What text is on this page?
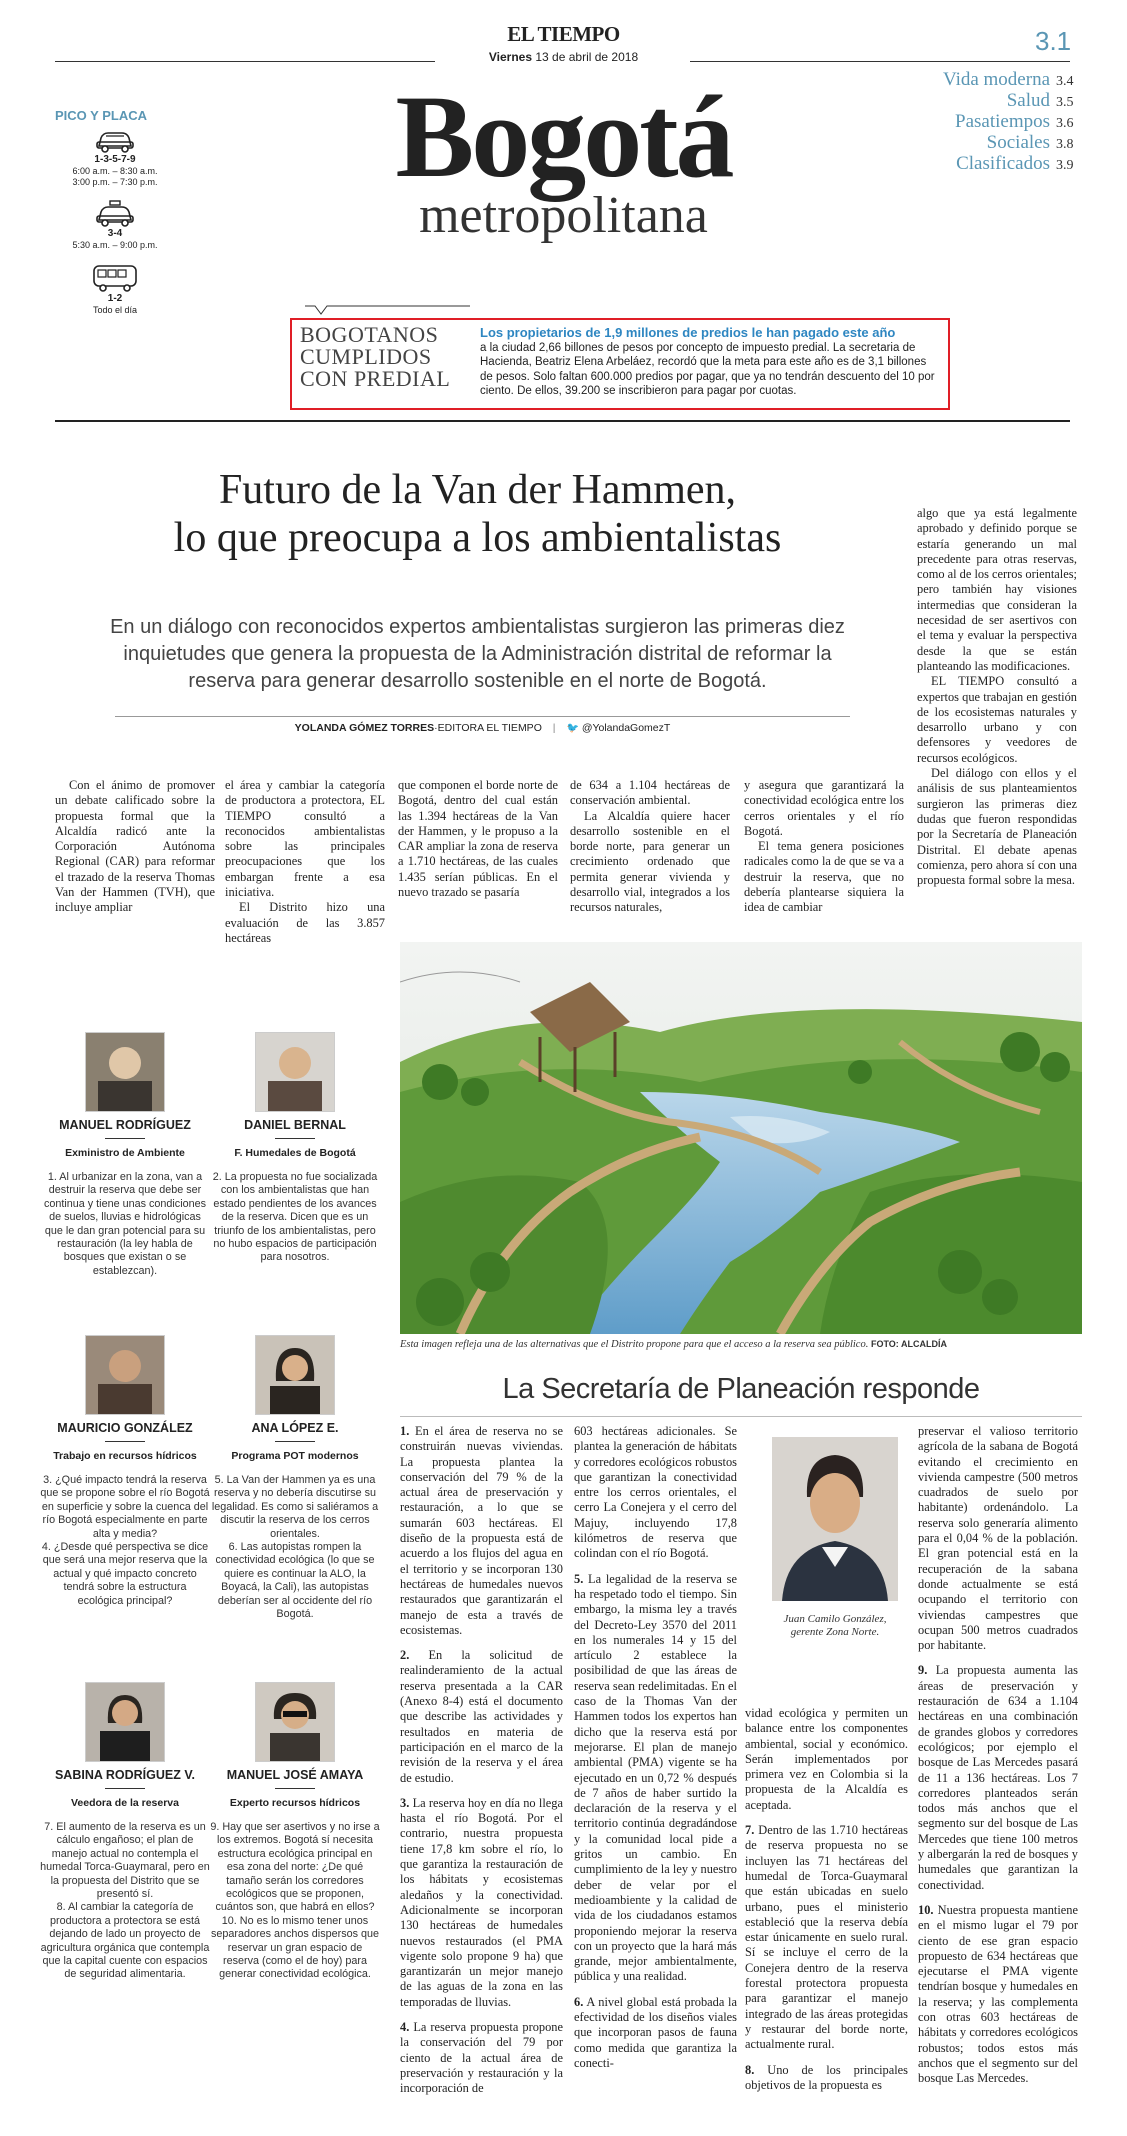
EL TIEMPO
Viernes 13 de abril de 2018
3.1
Vida moderna 3.4
Salud 3.5
Pasatiempos 3.6
Sociales 3.8
Clasificados 3.9
Bogotá
metropolitana
PICO Y PLACA
1-3-5-7-9
6:00 a.m. – 8:30 a.m.
3:00 p.m. – 7:30 p.m.
3-4
5:30 a.m. – 9:00 p.m.
1-2
Todo el día
BOGOTANOS
CUMPLIDOS
CON PREDIAL
Los propietarios de 1,9 millones de predios le han pagado este año
a la ciudad 2,66 billones de pesos por concepto de impuesto predial. La secretaria de Hacienda, Beatriz Elena Arbeláez, recordó que la meta para este año es de 3,1 billones de pesos. Solo faltan 600.000 predios por pagar, que ya no tendrán descuento del 10 por ciento. De ellos, 39.200 se inscribieron para pagar por cuotas.
Futuro de la Van der Hammen,
lo que preocupa a los ambientalistas
En un diálogo con reconocidos expertos ambientalistas surgieron las primeras diez inquietudes que genera la propuesta de la Administración distrital de reformar la reserva para generar desarrollo sostenible en el norte de Bogotá.
YOLANDA GÓMEZ TORRES·EDITORA EL TIEMPO | 🐦 @YolandaGomezT

Con el ánimo de promover un debate calificado sobre la propuesta formal que la Alcaldía radicó ante la Corporación Autónoma Regional (CAR) para reformar el trazado de la reserva Thomas Van der Hammen (TVH), que incluye ampliar

el área y cambiar la categoría de productora a protectora, EL TIEMPO consultó a reconocidos ambientalistas sobre las principales preocupaciones que los embargan frente a esa iniciativa.

El Distrito hizo una evaluación de las 3.857 hectáreas

que componen el borde norte de Bogotá, dentro del cual están las 1.394 hectáreas de la Van der Hammen, y le propuso a la CAR ampliar la zona de reserva a 1.710 hectáreas, de las cuales 1.435 serían públicas. En el nuevo trazado se pasaría

de 634 a 1.104 hectáreas de conservación ambiental.

La Alcaldía quiere hacer desarrollo sostenible en el borde norte, para generar un crecimiento ordenado que permita generar vivienda y desarrollo vial, integrados a los recursos naturales,

y asegura que garantizará la conectividad ecológica entre los cerros orientales y el río Bogotá.

El tema genera posiciones radicales como la de que se va a destruir la reserva, que no debería plantearse siquiera la idea de cambiar

algo que ya está legalmente aprobado y definido porque se estaría generando un mal precedente para otras reservas, como al de los cerros orientales; pero también hay visiones intermedias que consideran la necesidad de ser asertivos con el tema y evaluar la perspectiva desde la que se están planteando las modificaciones.

EL TIEMPO consultó a expertos que trabajan en gestión de los ecosistemas naturales y desarrollo urbano y con defensores y veedores de recursos ecológicos.

Del diálogo con ellos y el análisis de sus planteamientos surgieron las primeras diez dudas que fueron respondidas por la Secretaría de Planeación Distrital. El debate apenas comienza, pero ahora sí con una propuesta formal sobre la mesa.

Esta imagen refleja una de las alternativas que el Distrito propone para que el acceso a la reserva sea público. FOTO: ALCALDÍA
MANUEL RODRÍGUEZ
Exministro de Ambiente
1. Al urbanizar en la zona, van a destruir la reserva que debe ser continua y tiene unas condiciones de suelos, lluvias e hidrológicas que le dan gran potencial para su restauración (la ley habla de bosques que existan o se establezcan).
DANIEL BERNAL
F. Humedales de Bogotá
2. La propuesta no fue socializada con los ambientalistas que han estado pendientes de los avances de la reserva. Dicen que es un triunfo de los ambientalistas, pero no hubo espacios de participación para nosotros.
MAURICIO GONZÁLEZ
Trabajo en recursos hídricos
3. ¿Qué impacto tendrá la reserva que se propone sobre el río Bogotá en superficie y sobre la cuenca del río Bogotá especialmente en parte alta y media?
4. ¿Desde qué perspectiva se dice que será una mejor reserva que la actual y qué impacto concreto tendrá sobre la estructura ecológica principal?
ANA LÓPEZ E.
Programa POT modernos
5. La Van der Hammen ya es una reserva y no debería discutirse su legalidad. Es como si saliéramos a discutir la reserva de los cerros orientales.
6. Las autopistas rompen la conectividad ecológica (lo que se quiere es continuar la ALO, la Boyacá, la Cali), las autopistas deberían ser al occidente del río Bogotá.
SABINA RODRÍGUEZ V.
Veedora de la reserva
7. El aumento de la reserva es un cálculo engañoso; el plan de manejo actual no contempla el humedal Torca-Guaymaral, pero en la propuesta del Distrito que se presentó sí.
8. Al cambiar la categoría de productora a protectora se está dejando de lado un proyecto de agricultura orgánica que contempla que la capital cuente con espacios de seguridad alimentaria.
MANUEL JOSÉ AMAYA
Experto recursos hídricos
9. Hay que ser asertivos y no irse a los extremos. Bogotá sí necesita estructura ecológica principal en esa zona del norte: ¿De qué tamaño serán los corredores ecológicos que se proponen, cuántos son, que habrá en ellos?
10. No es lo mismo tener unos separadores anchos dispersos que reservar un gran espacio de reserva (como el de hoy) para generar conectividad ecológica.
La Secretaría de Planeación responde

1. En el área de reserva no se construirán nuevas viviendas. La propuesta plantea la conservación del 79 % de la actual área de preservación y restauración, a lo que se sumarán 603 hectáreas. El diseño de la propuesta está de acuerdo a los flujos del agua en el territorio y se incorporan 130 hectáreas de humedales nuevos restaurados que garantizarán el manejo de esta a través de ecosistemas.

2. En la solicitud de realinderamiento de la actual reserva presentada a la CAR (Anexo 8-4) está el documento que describe las actividades y resultados en materia de participación en el marco de la revisión de la reserva y el área de estudio.

3. La reserva hoy en día no llega hasta el río Bogotá. Por el contrario, nuestra propuesta tiene 17,8 km sobre el río, lo que garantiza la restauración de los hábitats y ecosistemas aledaños y la conectividad. Adicionalmente se incorporan 130 hectáreas de humedales nuevos restaurados (el PMA vigente solo propone 9 ha) que garantizarán un mejor manejo de las aguas de la zona en las temporadas de lluvias.

4. La reserva propuesta propone la conservación del 79 por ciento de la actual área de preservación y restauración y la incorporación de

603 hectáreas adicionales. Se plantea la generación de hábitats y corredores ecológicos robustos que garantizan la conectividad entre los cerros orientales, el cerro La Conejera y el cerro del Majuy, incluyendo 17,8 kilómetros de reserva que colindan con el río Bogotá.

5. La legalidad de la reserva se ha respetado todo el tiempo. Sin embargo, la misma ley a través del Decreto-Ley 3570 del 2011 en los numerales 14 y 15 del artículo 2 establece la posibilidad de que las áreas de reserva sean redelimitadas. En el caso de la Thomas Van der Hammen todos los expertos han dicho que la reserva está por mejorarse. El plan de manejo ambiental (PMA) vigente se ha ejecutado en un 0,72 % después de 7 años de haber surtido la declaración de la reserva y el territorio continúa degradándose y la comunidad local pide a gritos un cambio. En cumplimiento de la ley y nuestro deber de velar por el medioambiente y la calidad de vida de los ciudadanos estamos proponiendo mejorar la reserva con un proyecto que la hará más grande, mejor ambientalmente, pública y una realidad.

6. A nivel global está probada la efectividad de los diseños viales que incorporan pasos de fauna como medida que garantiza la conecti-

Juan Camilo González, gerente Zona Norte.

vidad ecológica y permiten un balance entre los componentes ambiental, social y económico. Serán implementados por primera vez en Colombia si la propuesta de la Alcaldía es aceptada.

7. Dentro de las 1.710 hectáreas de reserva propuesta no se incluyen las 71 hectáreas del humedal de Torca-Guaymaral que están ubicadas en suelo urbano, pues el ministerio estableció que la reserva debía estar únicamente en suelo rural. Sí se incluye el cerro de la Conejera dentro de la reserva forestal protectora propuesta para garantizar el manejo integrado de las áreas protegidas y restaurar del borde norte, actualmente rural.

8. Uno de los principales objetivos de la propuesta es

preservar el valioso territorio agrícola de la sabana de Bogotá evitando el crecimiento en vivienda campestre (500 metros cuadrados de suelo por habitante) ordenándolo. La reserva solo generaría alimento para el 0,04 % de la población. El gran potencial está en la recuperación de la sabana donde actualmente se está ocupando el territorio con viviendas campestres que ocupan 500 metros cuadrados por habitante.

9. La propuesta aumenta las áreas de preservación y restauración de 634 a 1.104 hectáreas en una combinación de grandes globos y corredores ecológicos; por ejemplo el bosque de Las Mercedes pasará de 11 a 136 hectáreas. Los 7 corredores planteados serán todos más anchos que el segmento sur del bosque de Las Mercedes que tiene 100 metros y albergarán la red de bosques y humedales que garantizan la conectividad.

10. Nuestra propuesta mantiene en el mismo lugar el 79 por ciento de ese gran espacio propuesto de 634 hectáreas que ejecutarse el PMA vigente tendrían bosque y humedales en la reserva; y las complementa con otras 603 hectáreas de hábitats y corredores ecológicos robustos; todos estos más anchos que el segmento sur del bosque Las Mercedes.
